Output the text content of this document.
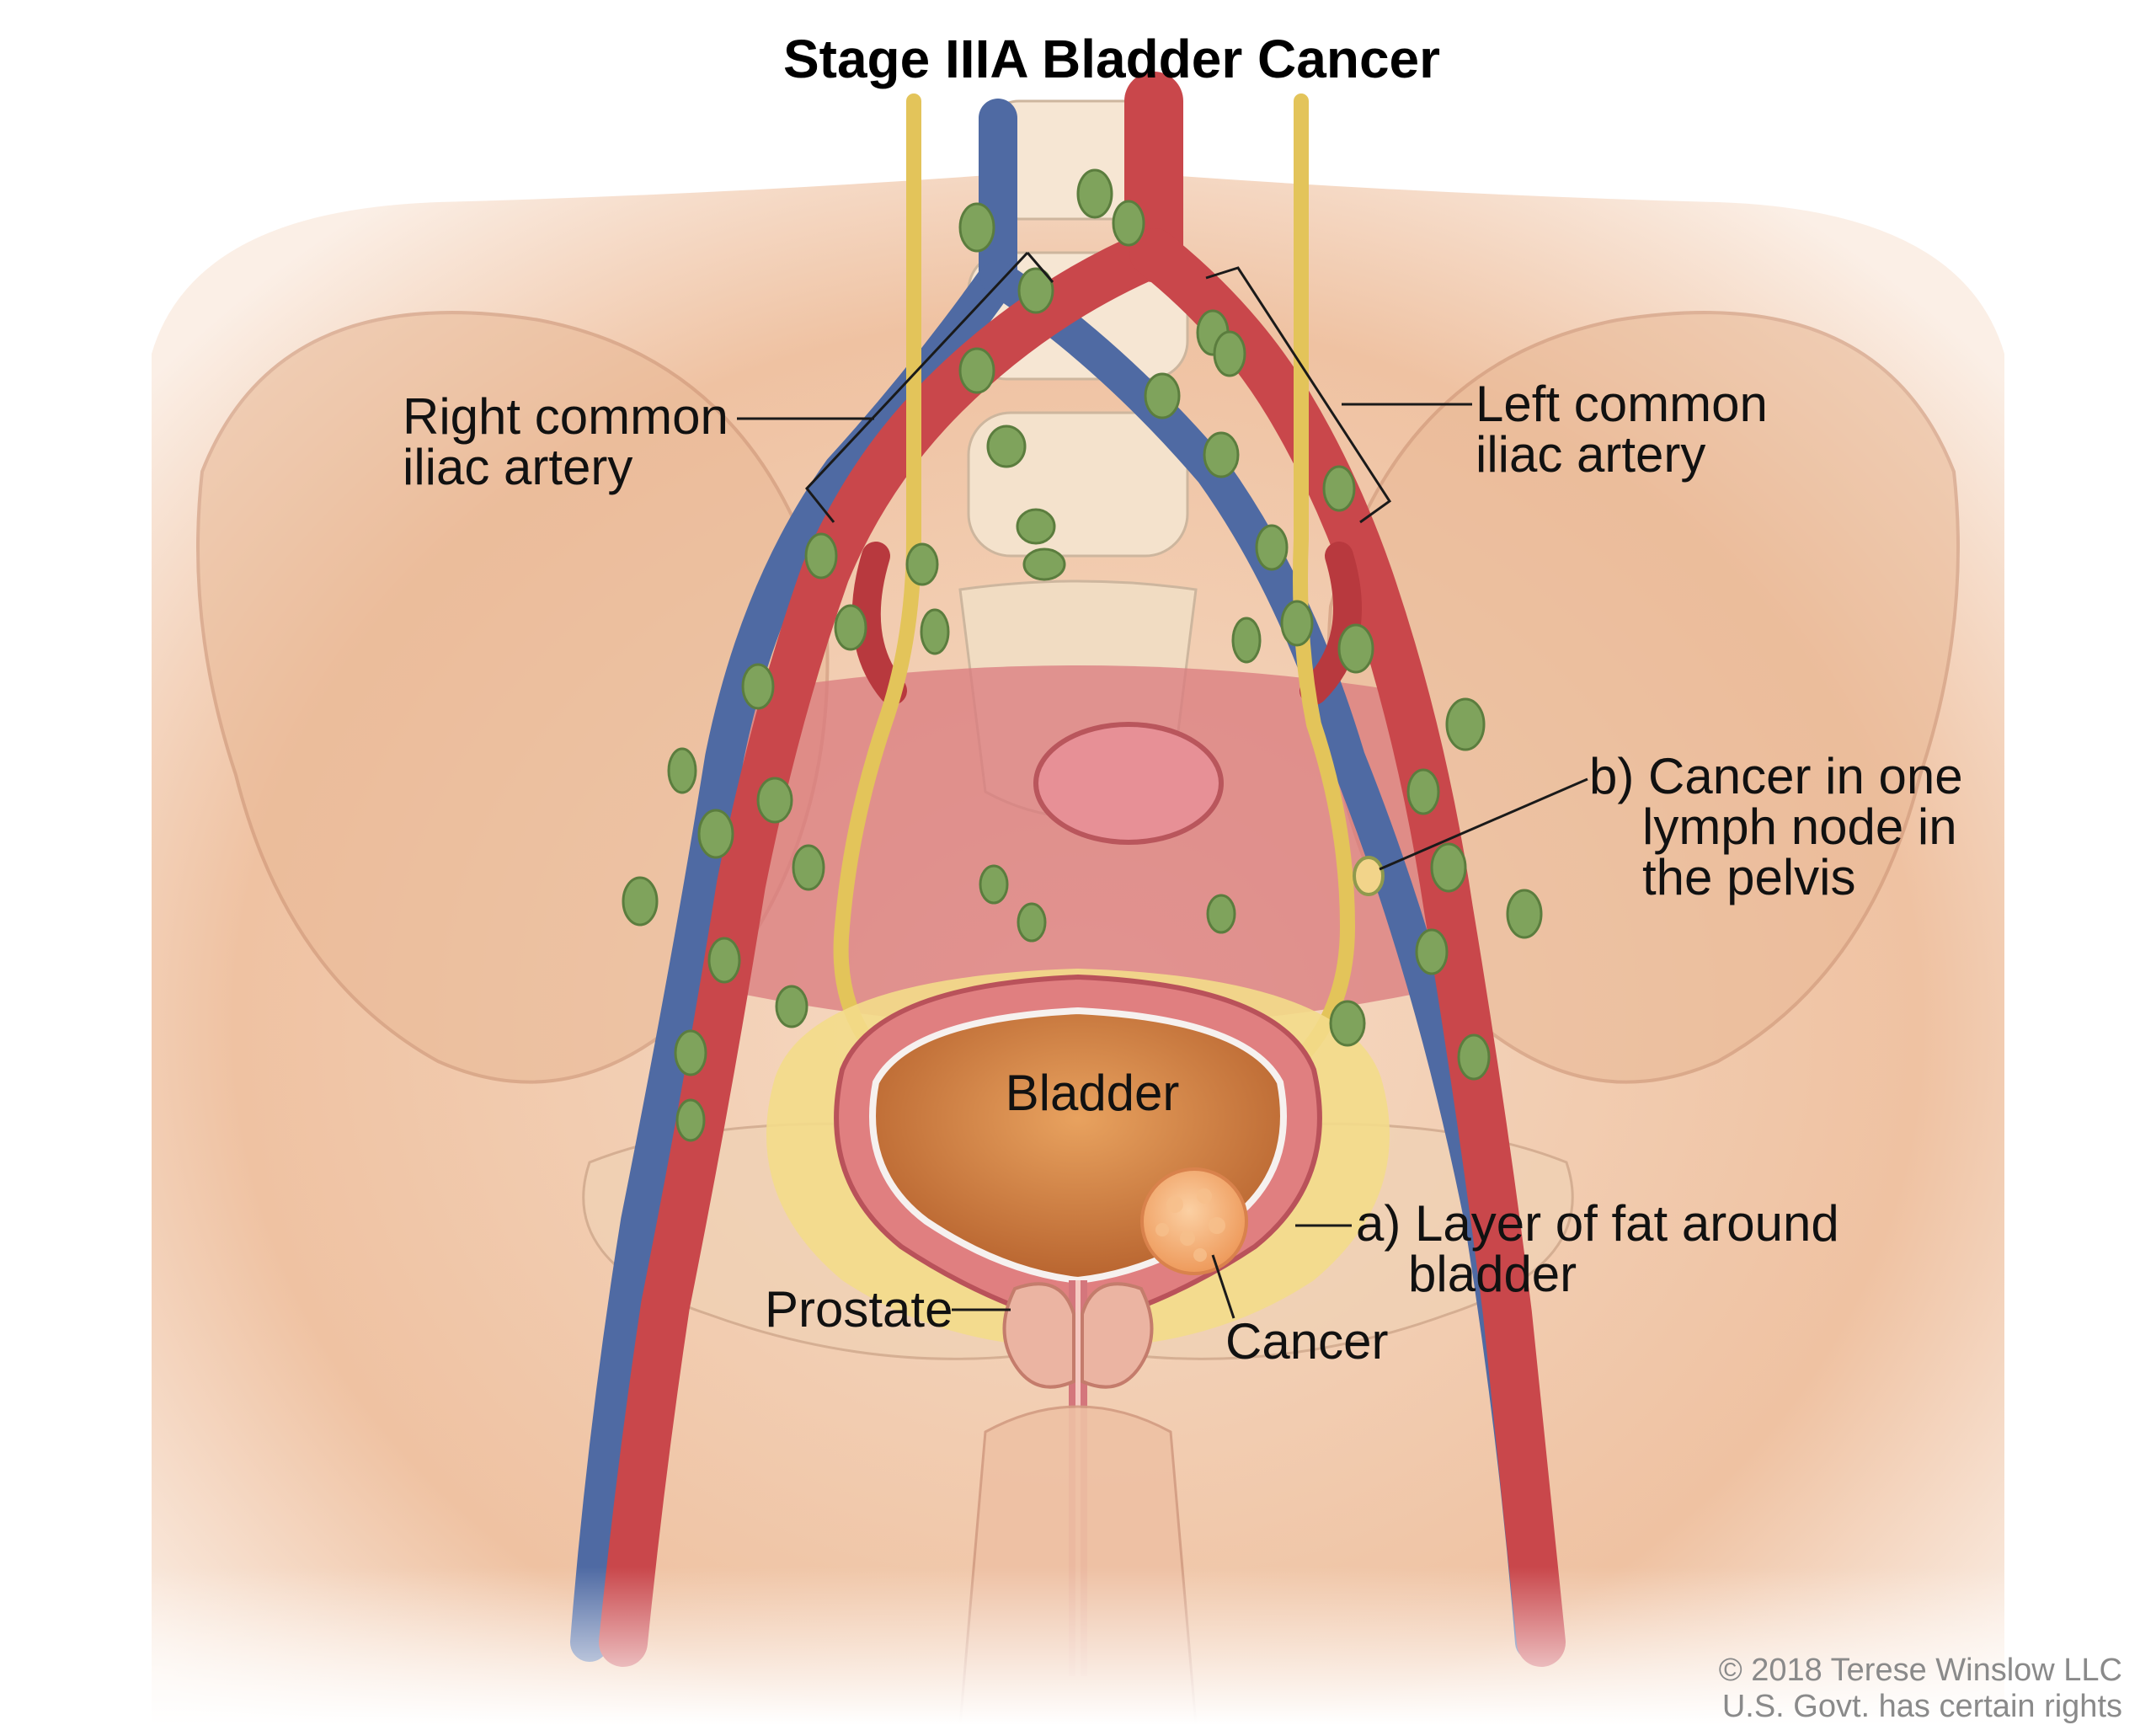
Stage IIIA Bladder Cancer
Right common
iliac artery
Left common
iliac artery
b) Cancer in one
lymph node in
the pelvis
Bladder
a) Layer of fat around
bladder
Prostate
Cancer
© 2018 Terese Winslow LLC
U.S. Govt. has certain rights
